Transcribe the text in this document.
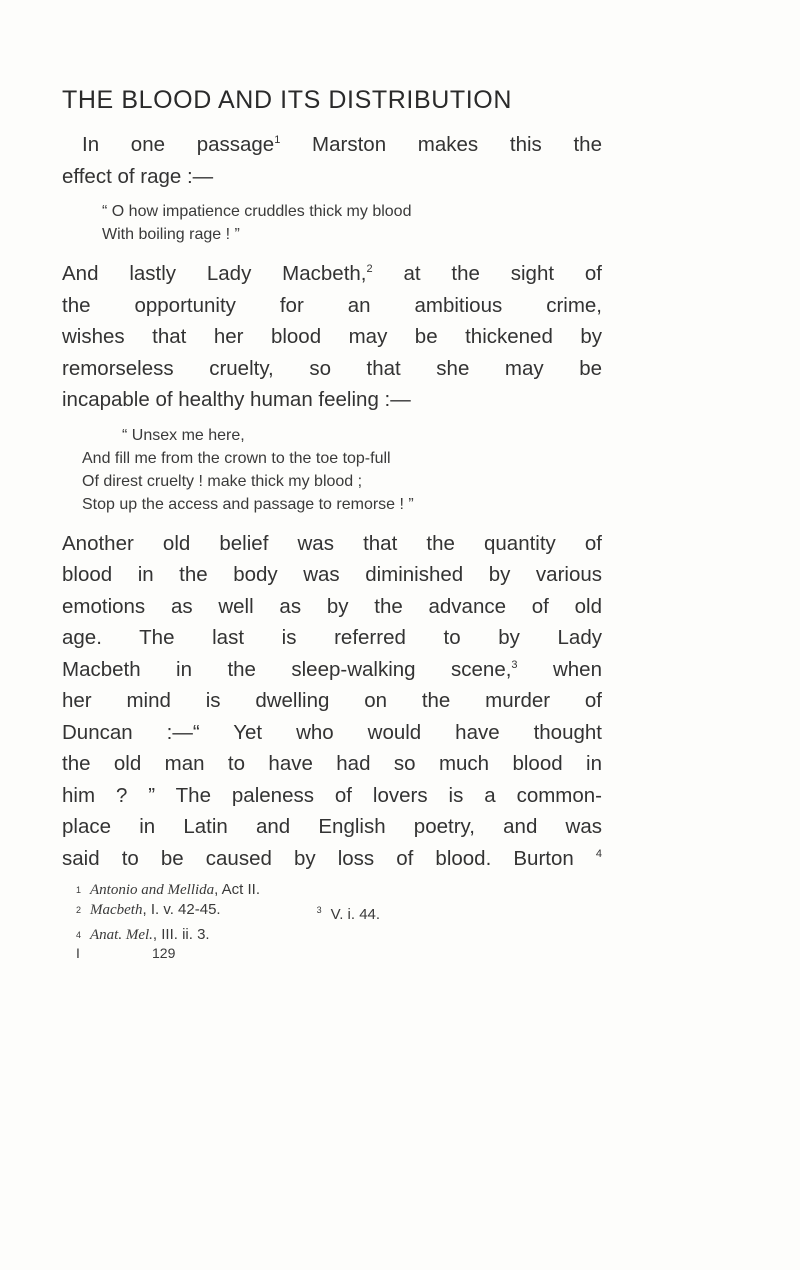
THE BLOOD AND ITS DISTRIBUTION
In one passage$^1$ Marston makes this the
effect of rage :—
“ O how impatience cruddles thick my blood
With boiling rage ! ”
And lastly Lady Macbeth,$^2$ at the sight of
the opportunity for an ambitious crime,
wishes that her blood may be thickened by
remorseless cruelty, so that she may be
incapable of healthy human feeling :—
“ Unsex me here,
And fill me from the crown to the toe top-full
Of direst cruelty ! make thick my blood ;
Stop up the access and passage to remorse ! ”
Another old belief was that the quantity of
blood in the body was diminished by various
emotions as well as by the advance of old
age. The last is referred to by Lady
Macbeth in the sleep-walking scene,$^3$ when
her mind is dwelling on the murder of
Duncan :—“ Yet who would have thought
the old man to have had so much blood in
him ? ” The paleness of lovers is a common-
place in Latin and English poetry, and was
said to be caused by loss of blood. Burton $^4$
1 Antonio and Mellida, Act II.
2 Macbeth, I. v. 42-45.	3 V. i. 44.
4 Anat. Mel., III. ii. 3.
I	129
